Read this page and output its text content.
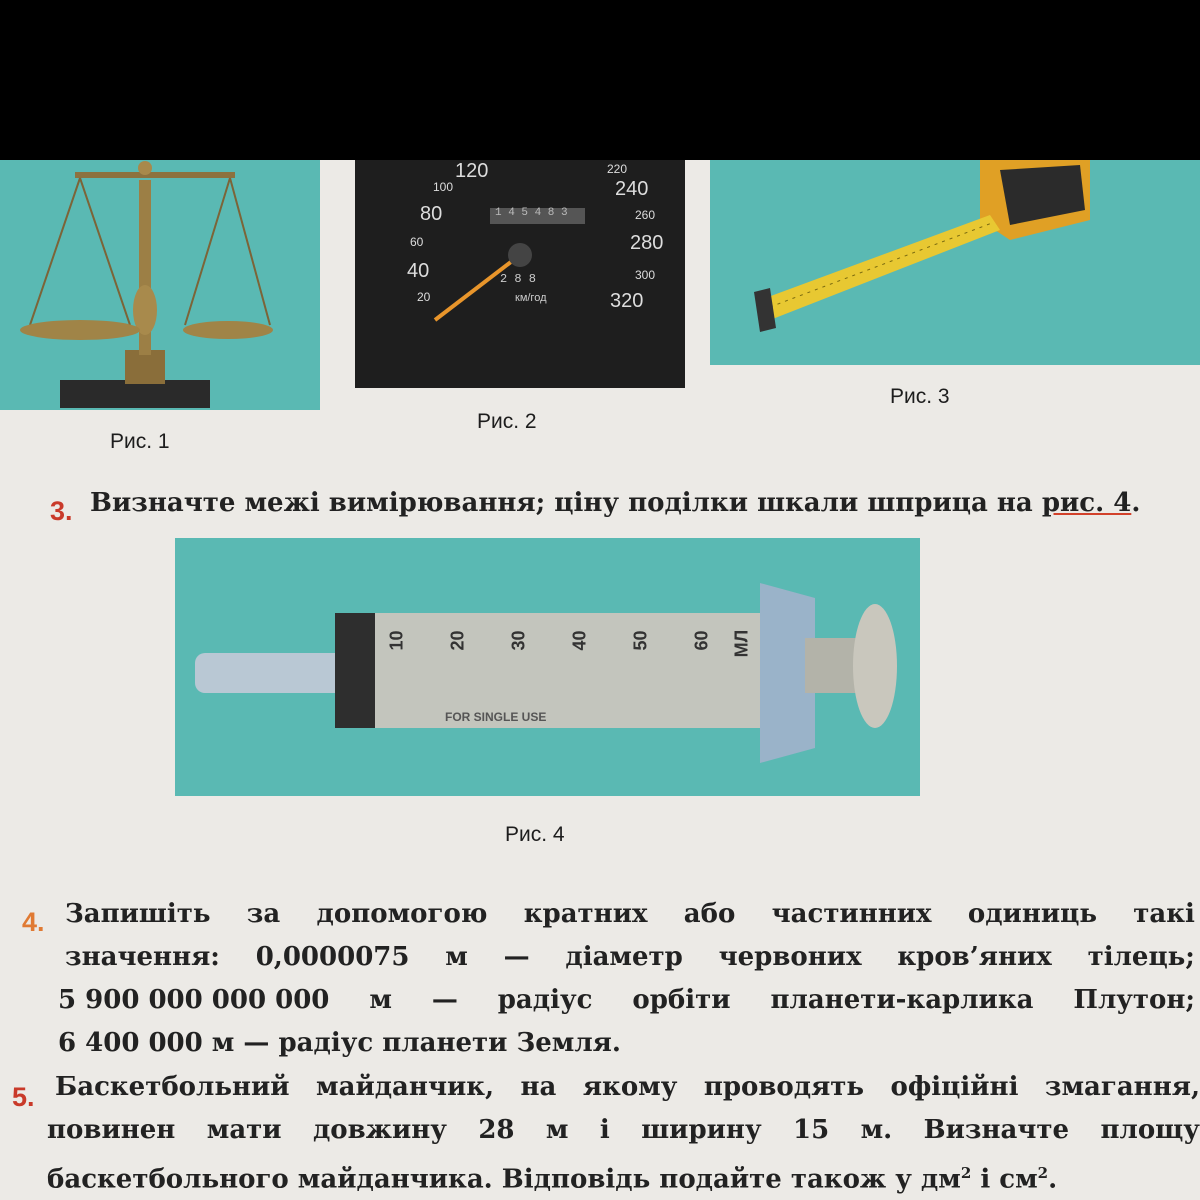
Рис. 1
20
40
60
80
100
120	220
240
260
280
300
320
1 4 5 4 8 3
2 8 8
км/год
Рис. 2
Рис. 3
3. Визначте межі вимірювання; ціну поділки шкали шприца на рис. 4.
10 20 30 40 50 60 МЛ
FOR SINGLE USE
Рис. 4
4. Запишіть за допомогою кратних або частинних одиниць такі
значення: 0,0000075 м — діаметр червоних кров’яних тілець;
5 900 000 000 000 м — радіус орбіти планети-карлика Плутон;
6 400 000 м — радіус планети Земля.
5. Баскетбольний майданчик, на якому проводять офіційні змагання,
повинен мати довжину 28 м і ширину 15 м. Визначте площу
баскетбольного майданчика. Відповідь подайте також у $дм^2$ і $см^2$.
